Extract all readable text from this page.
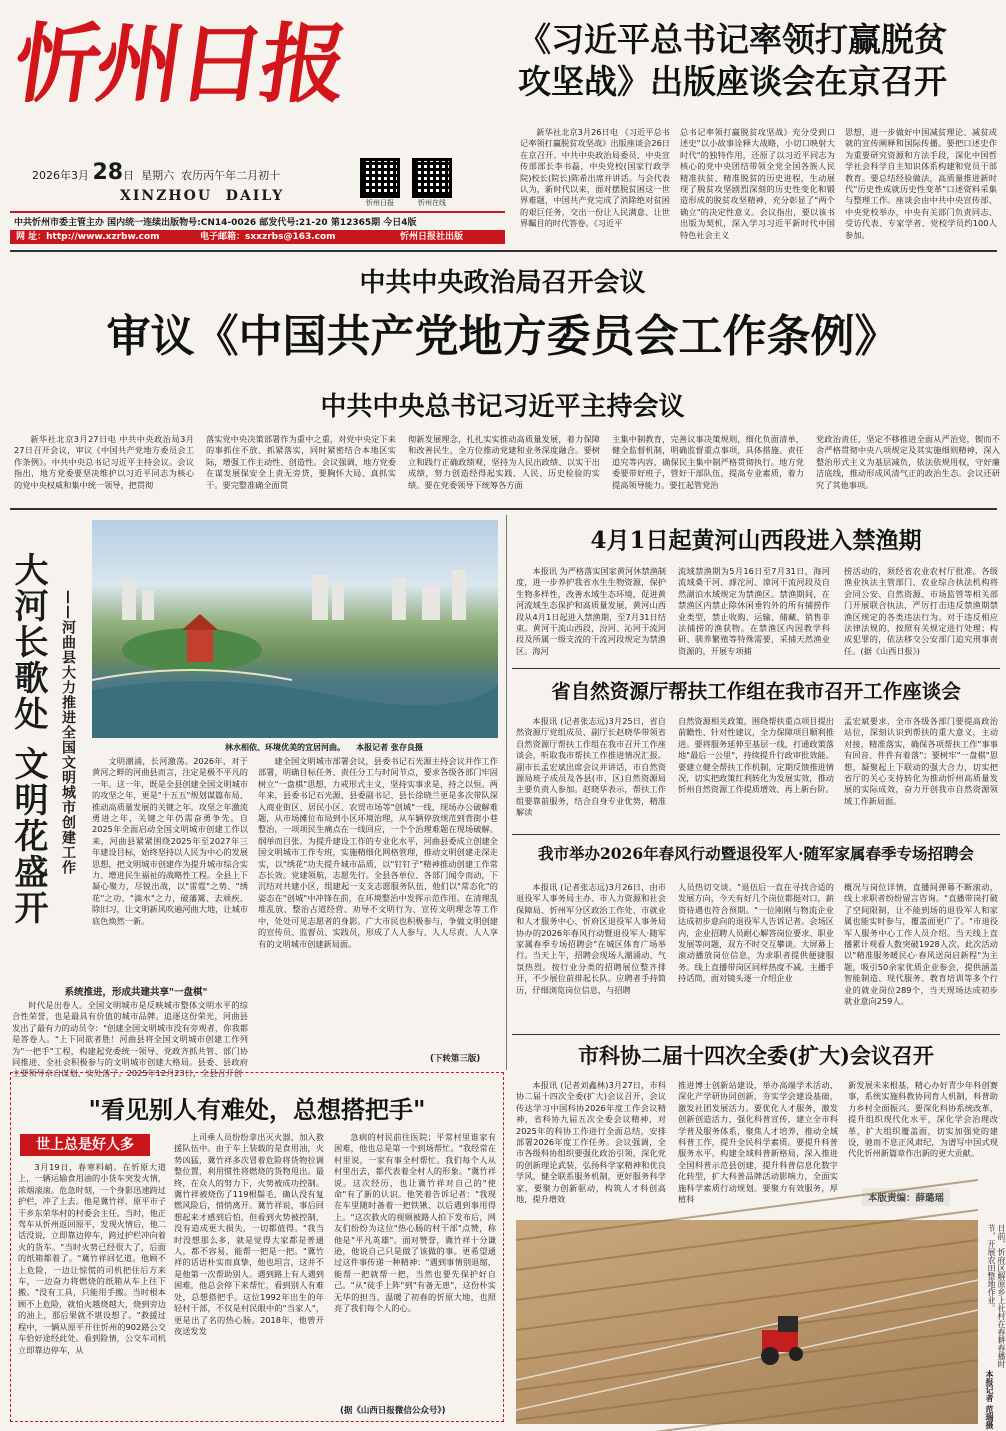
忻州日报
2026年3月 28日 星期六 农历丙午年二月初十
XINZHOU  DAILY	忻州日报	忻州在线
中共忻州市委主管主办 国内统一连续出版物号:CN14-0026 邮发代号:21-20 第12365期 今日4版
网 址：http://www.xzrbw.com	电子邮箱：sxxzrbs@163.com	忻州日报社出版
《习近平总书记率领打赢脱贫
攻坚战》出版座谈会在京召开
新华社北京3月26日电 《习近平总书记率领打赢脱贫攻坚战》出版座谈会26日在京召开。中共中央政治局委员、中央宣传部部长李书磊，中央党校(国家行政学院)校长(院长)陈希出席并讲话。与会代表认为，新时代以来，面对摆脱贫困这一世界难题，中国共产党完成了消除绝对贫困的艰巨任务，交出一份让人民满意、让世界瞩目的时代答卷。《习近平
总书记率领打赢脱贫攻坚战》充分受到口述史"以小故事诠释大战略，小切口映射大时代"的独特作用，还原了以习近平同志为核心的党中央团结带领全党全国各族人民精准扶贫、精准脱贫的历史进程，生动展现了脱贫攻坚剧烈深刻的历史性变化和锻造形成的脱贫攻坚精神，充分彰显了"两个确立"的决定性意义。会议指出，要以该书出版为契机，深入学习习近平新时代中国特色社会主义
思想，进一步做好中国减贫理论、减贫成就的宣传阐释和国际传播。要把口述史作为重要研究资源和方法手段，深化中国哲学社会科学自主知识体系构建和党员干部教育。要总结经验做法，高质量推进新时代"历史性成就历史性变革"口述资料采集与整理工作。座谈会由中共中央宣传部、中央党校举办，中央有关部门负责同志、受访代表、专家学者、党校学员约100人参加。
中共中央政治局召开会议
审议《中国共产党地方委员会工作条例》
中共中央总书记习近平主持会议
新华社北京3月27日电 中共中央政治局3月27日召开会议，审议《中国共产党地方委员会工作条例》。中共中央总书记习近平主持会议。会议指出，地方党委要坚决维护以习近平同志为核心的党中央权威和集中统一领导，把贯彻
落实党中央决策部署作为重中之重，对党中央定下来的事抓住不放、抓紧落实，同时紧密结合本地区实际，增强工作主动性、创造性。会议强调，地方党委在谋发展保安全上责无旁贷，要胸怀大局、真抓实干。要完整准确全面贯
彻新发展理念，扎扎实实推动高质量发展，着力保障和改善民生，全方位推动党建和业务深度融合。要树立和践行正确政绩观，坚持为人民出政绩、以实干出成绩，努力创造经得起实践、人民、历史检验的实绩。要在党委领导下统筹各方面
主集中制教育，完善议事决策规则，细化负面清单，健全监督机制，明确监督重点事项，具体措施、责任追究等内容，确保民主集中制严格贯彻执行。地方党委要带好班子，管好干部队伍，提高专业素质，着力提高领导能力。要扛起管党治
党政治责任，坚定不移推进全面从严治党，锲而不舍严格贯彻中央八项规定及其实施细则精神，深入整治形式主义为基层减负，依法依规用权，守好廉洁底线，推动形成风清气正的政治生态。会议还研究了其他事项。
大河长歌处 文明花盛开 ——河曲县大力推进全国文明城市创建工作	林水相依、环境优美的宜居河曲。 本报记者 张存良摄
文明潮涌，长河激荡。2026年，对于黄河之畔的河曲县而言，注定是极不平凡的一年。这一年，既是全县创建全国文明城市的攻坚之年，更是"十五五"规划谋篇布局、推动高质量发展的关键之年。攻坚之年激流勇进之年，关键之年仍需奋勇争先。自2025年全面启动全国文明城市创建工作以来，河曲县紧紧围绕2025年至2027年三年建设目标，始终坚持以人民为中心的发展思想，把文明城市创建作为提升城市综合实力、增进民生福祉的战略性工程。全县上下凝心聚力，尽锐出战，以"雷霆"之势、"绣花"之功、"滴水"之力，破藩篱、去顽疾、除旧习，让文明新风吹遍河曲大地，让城市底色焕然一新。
系统推进，形成共建共享"一盘棋"
时代是出卷人。全国文明城市是反映城市整体文明水平的综合性荣誉，也是最具有价值的城市品牌。追逐这份荣光，河曲县发出了最有力的动员令："创建全国文明城市没有旁观者，你我都是答卷人。"上下同欲者胜！河曲县将全国文明城市创建工作列为"一把手"工程，构建起党委统一领导、党政齐抓共管、部门协同推进、全社会积极参与的文明城市创建大格局。县委、县政府主要领导亲自谋划、实处落子。2025年12月23日，全县召开创
建全国文明城市部署会议，县委书记石光源主持会议并作工作部署，明确目标任务、责任分工与时间节点，要求各级各部门牢固树立"一盘棋"思想，力戒形式主义，坚持实事求是，持之以恒。两年来，县委书记石光源、县委副书记、县长徐晓兰更是多次带队深入商业街区、居民小区、农贸市场等"创城"一线，现场办公破解难题，从市场摊位布局到小区环境治理，从车辆停放规范到背街小巷整治，一项项民生痛点在一线回应，一个个治理难题在现场破解。纲举而目张。为提升建设工作的专业化水平，河曲县委成立创建全国文明城市工作专班，实施精细化网格管理，推动文明创建走深走实，以"绣花"功夫提升城市品质，以"钉钉子"精神推动创建工作常态长效。党建领航，志愿先行。全县各单位、各部门闻令而动，下沉结对共建小区，组建起一支支志愿服务队伍，他们以"常态化"的姿态在"创城"中冲锋在前，在环境整治中发挥示范作用。在清理乱堆乱放、整治占道经营、劝导不文明行为、宣传文明理念等工作中，处处可见志愿者的身影。广大市民也积极参与，争做文明创建的宣传员、监督员、实践员，形成了人人参与、人人尽责、人人享有的文明城市创建新局面。
(下转第三版)
4月1日起黄河山西段进入禁渔期
本报讯 为严格落实国家黄河休禁渔制度，进一步养护我省水生生物资源，保护生物多样性，改善水域生态环境，促进黄河流域生态保护和高质量发展，黄河山西段从4月1日起进入禁渔期，至7月31日结束。黄河干流山西段，汾河、沁河干流河段及所属一级支流的干流河段规定为禁渔区。海河
流域禁渔期为5月16日至7月31日，海河流域桑干河、滹沱河、漳河干流河段及自然湖泊水域规定为禁渔区。禁渔期间，在禁渔区内禁止除休闲垂钓外的所有捕捞作业类型，禁止收购、运输、储藏、销售非法捕捞的渔获物。在禁渔区内因教学科研、驯养繁殖等特殊需要，采捕天然渔业资源的，开展专项捕
捞活动的，须经省农业农村厅批准。各级渔业执法主管部门、农业综合执法机构将会同公安、自然资源、市场监管等相关部门开展联合执法，严厉打击违反禁渔期禁渔区规定的各类违法行为。对于违反相应法律法规的，按照有关规定进行处理；构成犯罪的，依法移交公安部门追究刑事责任。(据《山西日报》)
省自然资源厅帮扶工作组在我市召开工作座谈会
本报讯 (记者张志远)3月25日，省自然资源厅党组成员、副厅长赵晓华带领省自然资源厅帮扶工作组在我市召开工作座谈会，听取我市帮扶工作推进情况汇报。副市长孟宏斌出席会议并讲话，市自然资源局班子成员及各县(市、区)自然资源局主要负责人参加。赵晓华表示，帮扶工作组要靠前服务，结合自身专业优势，精准解读
自然资源相关政策，围绕帮扶重点项目提出前瞻性、针对性建议，全力保障项目顺利推进。要将服务延伸至基层一线，打通政策落地"最后一公里"，持续提升行政审批效能。要建立健全帮扶工作机制，定期反馈推进情况，切实把政策红利转化为发展实效，推动忻州自然资源工作提质增效、再上新台阶。
孟宏斌要求，全市各级各部门要提高政治站位，深刻认识到帮扶的重大意义，主动对接，精准落实，确保各项帮扶工作"事事有回音、件件有着落"；要树牢"一盘棋"思想，凝聚起上下联动的强大合力，切实把省厅的关心支持转化为推动忻州高质量发展的实际成效，奋力开创我市自然资源领域工作新局面。
我市举办2026年春风行动暨退役军人·随军家属春季专场招聘会
本报讯 (记者张志远)3月26日，由市退役军人事务局主办、市人力资源和社会保障局、忻州军分区政治工作处、市就业和人才服务中心、忻府区退役军人事务局协办的2026年春风行动暨退役军人·随军家属春季专场招聘会"在城区体育广场举行。当天上午，招聘会现场人潮涌动、气氛热烈。按行业分类的招聘展位整齐排开，不少展位前排起长队。应聘者手持简历，仔细浏览岗位信息，与招聘
人员热切交谈。"退伍后一直在寻找合适的发展方向，今天有好几个岗位都挺对口，薪资待遇也符合预期。"一位刚刚与物流企业达成初步意向的退役军人告诉记者。会场区内，企业招聘人员耐心解答岗位要求、职业发展等问题，双方不时交互攀谈。大屏幕上滚动播放岗位信息，为求职者提供便捷服务。线上直播带岗区同样热度不减。主播手持话筒，面对镜头逐一介绍企业
概况与岗位详情，直播间弹幕不断滚动，线上求职者纷纷留言咨询。"直播带岗打破了空间限制，让不能到场的退役军人和家属也能实时参与，覆盖面更广了。"市退役军人服务中心工作人员介绍。当天线上直播累计观看人数突破1928人次。此次活动以"精准服务暖民心·春风送岗启新程"为主题，吸引50余家优质企业参会，提供涵盖智能制造、现代服务、教育培训等多个行业的就业岗位289个，当天现场达成初步就业意向259人。
市科协二届十四次全委(扩大)会议召开
本报讯 (记者刘鑫林)3月27日，市科协二届十四次全委(扩大)会议召开，会议传达学习中国科协2026年度工作会议精神，省科协九届五次全委会议精神，对2025年的科协工作进行全面总结，安排部署2026年度工作任务。会议强调，全市各级科协组织要强化政治引领，深化党的创新理论武装，弘扬科学家精神和优良学风，健全联系服务机制，更好服务科学家，要聚力创新驱动，构筑人才科创高地，提升增效
推进博士创新站建设，举办高端学术活动，深化产学研协同创新，夯实学会建设基础，激发社团发展活力。要优化人才服务，激发创新创造活力，强化科普宣传，建立全市科学普及服务体系，聚焦人才培养，推动全域科普工作，提升全民科学素质。要提升科普服务水平，构建全域科普新格局，深入推进全国科普示范县创建，提升科普信息化数字化转型，扩大科普品牌活动影响力，全面实施科学素质行动规划。要聚力有效服务，厚植科
新发展未来根基，精心办好青少年科创赛事，系统实施科教协同育人机制，科普助力乡村全面振兴。要深化科协系统改革，提升组织现代化水平，深化学会治理改革，扩大组织覆盖面，切实加强党的建设，驰而不息正风肃纪，为谱写中国式现代化忻州新篇章作出新的更大贡献。
本版责编：薛璐瑶
"看见别人有难处，总想搭把手"
世上总是好人多
3月19日，春寒料峭。在忻原大道上，一辆运输食用油的小货车突发火情，浓烟滚滚。危急时刻，一个身影迅速跨过护栏，冲了上去。他是冀竹祥，原平市子干乡东荣华村的村委会主任。当时，他正驾车从忻州返回原平，发现火情后，他二话没说，立即靠边停车，跨过护栏冲向着火的货车。"当时火势已经很大了，后面的纸箱都着了。"冀竹祥回忆道。他顾不上危险，一边让惊慌的司机把住后方来车，一边奋力将燃烧的纸箱从车上往下搬。"没有工具，只能用手搬。当时根本顾不上危险，就怕火越烧越大，烧到旁边的油上，那后果就不堪设想了。"救援过程中，一辆从原平开往忻州的902路公交车恰好途经此处。看到险情，公交车司机立即靠边停车，从
上司乘人员纷纷拿出灭火器，加入救援队伍中。由于车上装载的是食用油，火势凶猛，冀竹祥多次冒着危险将货物拉调整位置，利用惯性将燃烧的货物甩出。最终，在众人的努力下，火势被成功控制。冀竹祥被烧伤了119根鬃毛，确认没有复燃风险后，悄悄离开。冀竹祥说，事后回想起来才感到后怕，但看到火势被控制，没有造成更大损失，一切都值得。"我当时没想那么多，就是觉得大家都是普通人，都不容易，能帮一把是一把。"冀竹祥的话语朴实而真挚，他也坦言，这并不是他第一次帮助别人。遇到路上有人遇到困难，他总会停下来帮忙，看到别人有难处，总想搭把手。这位1992年出生的年轻村干部，不仅是村民眼中的"当家人"，更是出了名的热心肠。2018年，他曾开夜送发发
急病的村民前往医院；平常村里谁家有困难，他也总是第一个到场帮忙。"我经常在村里说，一家有事全村帮忙。我们每个人从村里出去，都代表着全村人的形象。"冀竹祥说。这次经历，也让冀竹祥对自己的"使命"有了新的认识。他笑着告诉记者："我现在车里随时备着一把铁锹、以后遇到事用得上。"这次救火的视频被路人拍下发布后，网友们纷纷为这位"热心肠的村干部"点赞，称他是"平凡英雄"。面对赞誉，冀竹祥十分谦逊，他说自己只是做了该做的事。更希望通过这件事传递一种精神："遇到事情别退缩，能帮一把就帮一把，当然也要先保护好自己。"从"徒手上阵"到"有备无患"，这份朴实无华的担当，温暖了初春的忻原大地，也照亮了我们每个人的心。
(据《山西日报微信公众号》)
日前，忻府区解原乡上社村在春耕春播时节，开展农田整地作业。
本报记者 范瑞摄
